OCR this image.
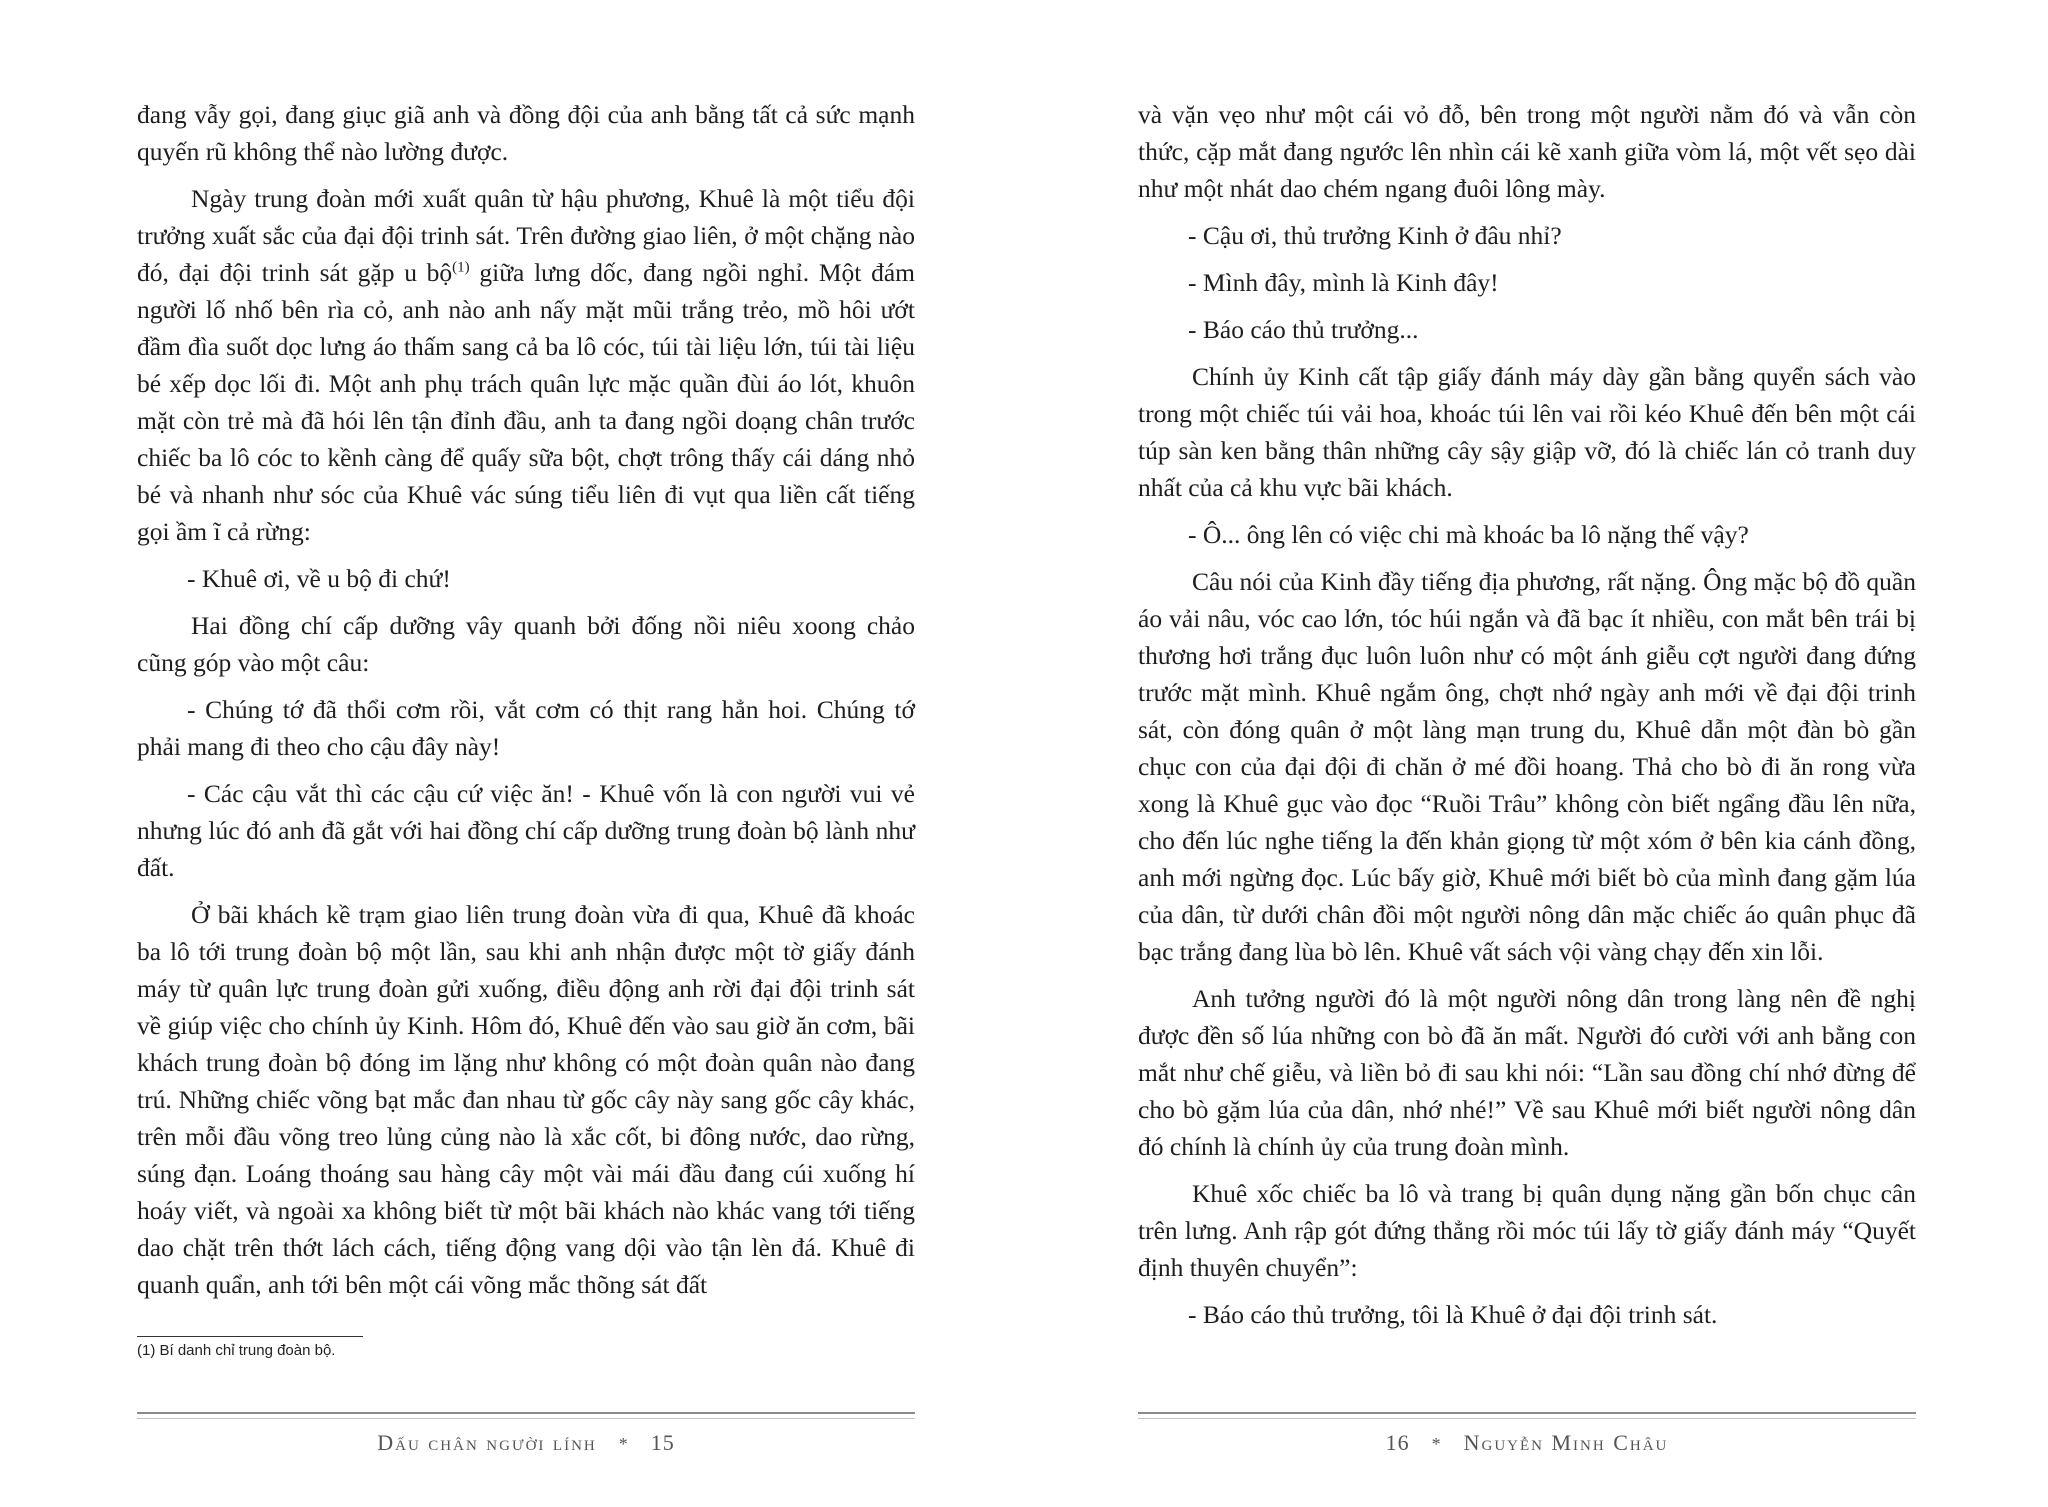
đang vẫy gọi, đang giục giã anh và đồng đội của anh bằng tất cả sức mạnh quyến rũ không thể nào lường được.

Ngày trung đoàn mới xuất quân từ hậu phương, Khuê là một tiểu đội trưởng xuất sắc của đại đội trinh sát. Trên đường giao liên, ở một chặng nào đó, đại đội trinh sát gặp u bộ$^{(1)}$ giữa lưng dốc, đang ngồi nghỉ. Một đám người lố nhố bên rìa cỏ, anh nào anh nấy mặt mũi trắng trẻo, mồ hôi ướt đầm đìa suốt dọc lưng áo thấm sang cả ba lô cóc, túi tài liệu lớn, túi tài liệu bé xếp dọc lối đi. Một anh phụ trách quân lực mặc quần đùi áo lót, khuôn mặt còn trẻ mà đã hói lên tận đỉnh đầu, anh ta đang ngồi doạng chân trước chiếc ba lô cóc to kềnh càng để quấy sữa bột, chợt trông thấy cái dáng nhỏ bé và nhanh như sóc của Khuê vác súng tiểu liên đi vụt qua liền cất tiếng gọi ầm ĩ cả rừng:

- Khuê ơi, về u bộ đi chứ!

Hai đồng chí cấp dưỡng vây quanh bởi đống nồi niêu xoong chảo cũng góp vào một câu:

- Chúng tớ đã thổi cơm rồi, vắt cơm có thịt rang hẳn hoi. Chúng tớ phải mang đi theo cho cậu đây này!

- Các cậu vắt thì các cậu cứ việc ăn! - Khuê vốn là con người vui vẻ nhưng lúc đó anh đã gắt với hai đồng chí cấp dưỡng trung đoàn bộ lành như đất.

Ở bãi khách kề trạm giao liên trung đoàn vừa đi qua, Khuê đã khoác ba lô tới trung đoàn bộ một lần, sau khi anh nhận được một tờ giấy đánh máy từ quân lực trung đoàn gửi xuống, điều động anh rời đại đội trinh sát về giúp việc cho chính ủy Kinh. Hôm đó, Khuê đến vào sau giờ ăn cơm, bãi khách trung đoàn bộ đóng im lặng như không có một đoàn quân nào đang trú. Những chiếc võng bạt mắc đan nhau từ gốc cây này sang gốc cây khác, trên mỗi đầu võng treo lủng củng nào là xắc cốt, bi đông nước, dao rừng, súng đạn. Loáng thoáng sau hàng cây một vài mái đầu đang cúi xuống hí hoáy viết, và ngoài xa không biết từ một bãi khách nào khác vang tới tiếng dao chặt trên thớt lách cách, tiếng động vang dội vào tận lèn đá. Khuê đi quanh quẩn, anh tới bên một cái võng mắc thõng sát đất

(1) Bí danh chỉ trung đoàn bộ.
Dấu chân người lính * 15

và vặn vẹo như một cái vỏ đỗ, bên trong một người nằm đó và vẫn còn thức, cặp mắt đang ngước lên nhìn cái kẽ xanh giữa vòm lá, một vết sẹo dài như một nhát dao chém ngang đuôi lông mày.

- Cậu ơi, thủ trưởng Kinh ở đâu nhỉ?

- Mình đây, mình là Kinh đây!

- Báo cáo thủ trưởng...

Chính ủy Kinh cất tập giấy đánh máy dày gần bằng quyển sách vào trong một chiếc túi vải hoa, khoác túi lên vai rồi kéo Khuê đến bên một cái túp sàn ken bằng thân những cây sậy giập vỡ, đó là chiếc lán cỏ tranh duy nhất của cả khu vực bãi khách.

- Ô... ông lên có việc chi mà khoác ba lô nặng thế vậy?

Câu nói của Kinh đầy tiếng địa phương, rất nặng. Ông mặc bộ đồ quần áo vải nâu, vóc cao lớn, tóc húi ngắn và đã bạc ít nhiều, con mắt bên trái bị thương hơi trắng đục luôn luôn như có một ánh giễu cợt người đang đứng trước mặt mình. Khuê ngắm ông, chợt nhớ ngày anh mới về đại đội trinh sát, còn đóng quân ở một làng mạn trung du, Khuê dẫn một đàn bò gần chục con của đại đội đi chăn ở mé đồi hoang. Thả cho bò đi ăn rong vừa xong là Khuê gục vào đọc “Ruồi Trâu” không còn biết ngẩng đầu lên nữa, cho đến lúc nghe tiếng la đến khản giọng từ một xóm ở bên kia cánh đồng, anh mới ngừng đọc. Lúc bấy giờ, Khuê mới biết bò của mình đang gặm lúa của dân, từ dưới chân đồi một người nông dân mặc chiếc áo quân phục đã bạc trắng đang lùa bò lên. Khuê vất sách vội vàng chạy đến xin lỗi.

Anh tưởng người đó là một người nông dân trong làng nên đề nghị được đền số lúa những con bò đã ăn mất. Người đó cười với anh bằng con mắt như chế giễu, và liền bỏ đi sau khi nói: “Lần sau đồng chí nhớ đừng để cho bò gặm lúa của dân, nhớ nhé!” Về sau Khuê mới biết người nông dân đó chính là chính ủy của trung đoàn mình.

Khuê xốc chiếc ba lô và trang bị quân dụng nặng gần bốn chục cân trên lưng. Anh rập gót đứng thẳng rồi móc túi lấy tờ giấy đánh máy “Quyết định thuyên chuyển”:

- Báo cáo thủ trưởng, tôi là Khuê ở đại đội trinh sát.

16 * Nguyễn Minh Châu
